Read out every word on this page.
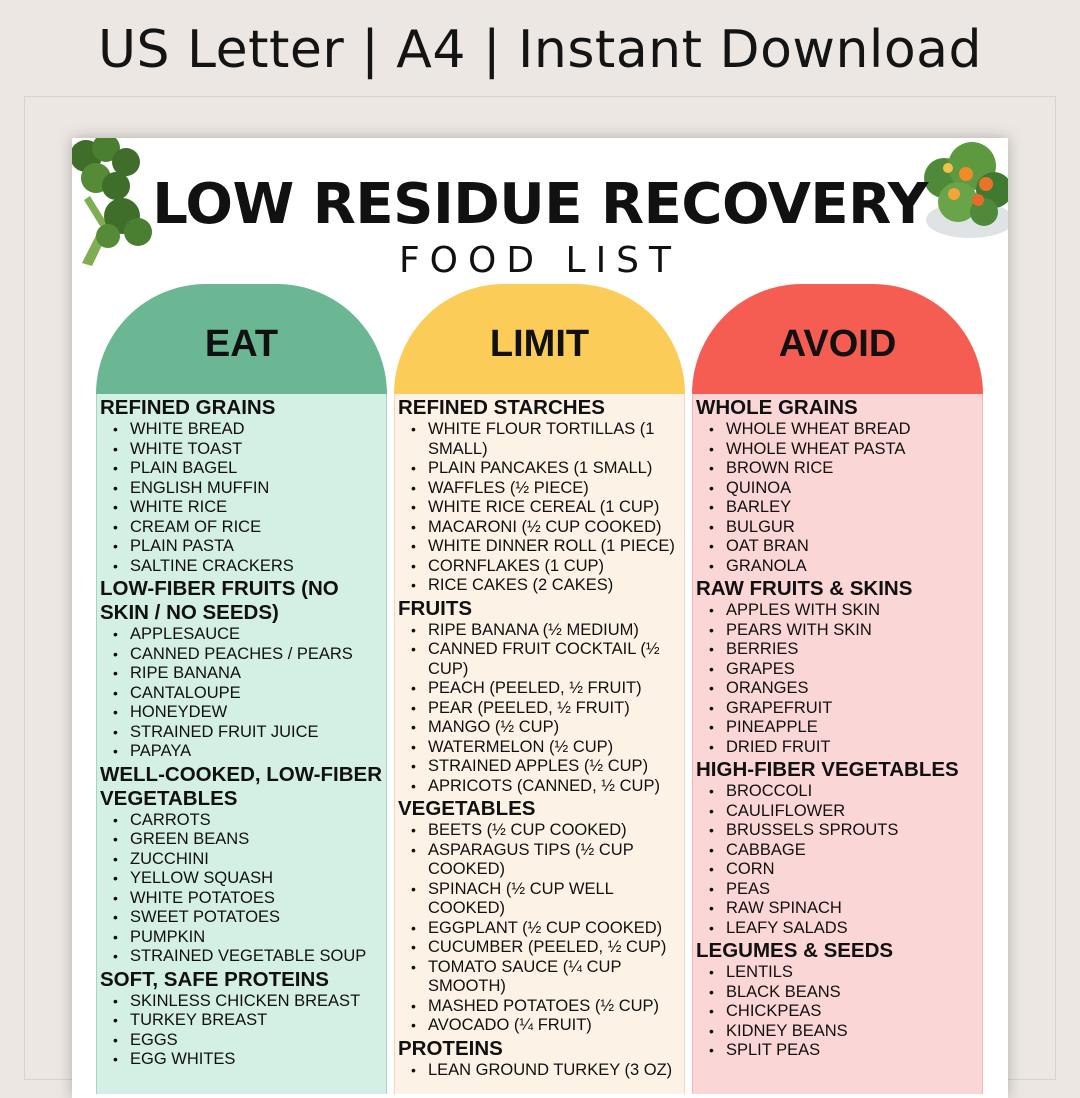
US Letter | A4 | Instant Download
LOW RESIDUE RECOVERY
FOOD LIST
EAT
REFINED GRAINS
• WHITE BREAD
• WHITE TOAST
• PLAIN BAGEL
• ENGLISH MUFFIN
• WHITE RICE
• CREAM OF RICE
• PLAIN PASTA
• SALTINE CRACKERS
LOW-FIBER FRUITS (NO SKIN / NO SEEDS)
• APPLESAUCE
• CANNED PEACHES / PEARS
• RIPE BANANA
• CANTALOUPE
• HONEYDEW
• STRAINED FRUIT JUICE
• PAPAYA
WELL-COOKED, LOW-FIBER VEGETABLES
• CARROTS
• GREEN BEANS
• ZUCCHINI
• YELLOW SQUASH
• WHITE POTATOES
• SWEET POTATOES
• PUMPKIN
• STRAINED VEGETABLE SOUP
SOFT, SAFE PROTEINS
• SKINLESS CHICKEN BREAST
• TURKEY BREAST
• EGGS
• EGG WHITES
LIMIT
REFINED STARCHES
• WHITE FLOUR TORTILLAS (1 SMALL)
• PLAIN PANCAKES (1 SMALL)
• WAFFLES (½ PIECE)
• WHITE RICE CEREAL (1 CUP)
• MACARONI (½ CUP COOKED)
• WHITE DINNER ROLL (1 PIECE)
• CORNFLAKES (1 CUP)
• RICE CAKES (2 CAKES)
FRUITS
• RIPE BANANA (½ MEDIUM)
• CANNED FRUIT COCKTAIL (½ CUP)
• PEACH (PEELED, ½ FRUIT)
• PEAR (PEELED, ½ FRUIT)
• MANGO (½ CUP)
• WATERMELON (½ CUP)
• STRAINED APPLES (½ CUP)
• APRICOTS (CANNED, ½ CUP)
VEGETABLES
• BEETS (½ CUP COOKED)
• ASPARAGUS TIPS (½ CUP COOKED)
• SPINACH (½ CUP WELL COOKED)
• EGGPLANT (½ CUP COOKED)
• CUCUMBER (PEELED, ½ CUP)
• TOMATO SAUCE (¼ CUP SMOOTH)
• MASHED POTATOES (½ CUP)
• AVOCADO (¼ FRUIT)
PROTEINS
• LEAN GROUND TURKEY (3 OZ)
AVOID
WHOLE GRAINS
• WHOLE WHEAT BREAD
• WHOLE WHEAT PASTA
• BROWN RICE
• QUINOA
• BARLEY
• BULGUR
• OAT BRAN
• GRANOLA
RAW FRUITS & SKINS
• APPLES WITH SKIN
• PEARS WITH SKIN
• BERRIES
• GRAPES
• ORANGES
• GRAPEFRUIT
• PINEAPPLE
• DRIED FRUIT
HIGH-FIBER VEGETABLES
• BROCCOLI
• CAULIFLOWER
• BRUSSELS SPROUTS
• CABBAGE
• CORN
• PEAS
• RAW SPINACH
• LEAFY SALADS
LEGUMES & SEEDS
• LENTILS
• BLACK BEANS
• CHICKPEAS
• KIDNEY BEANS
• SPLIT PEAS
